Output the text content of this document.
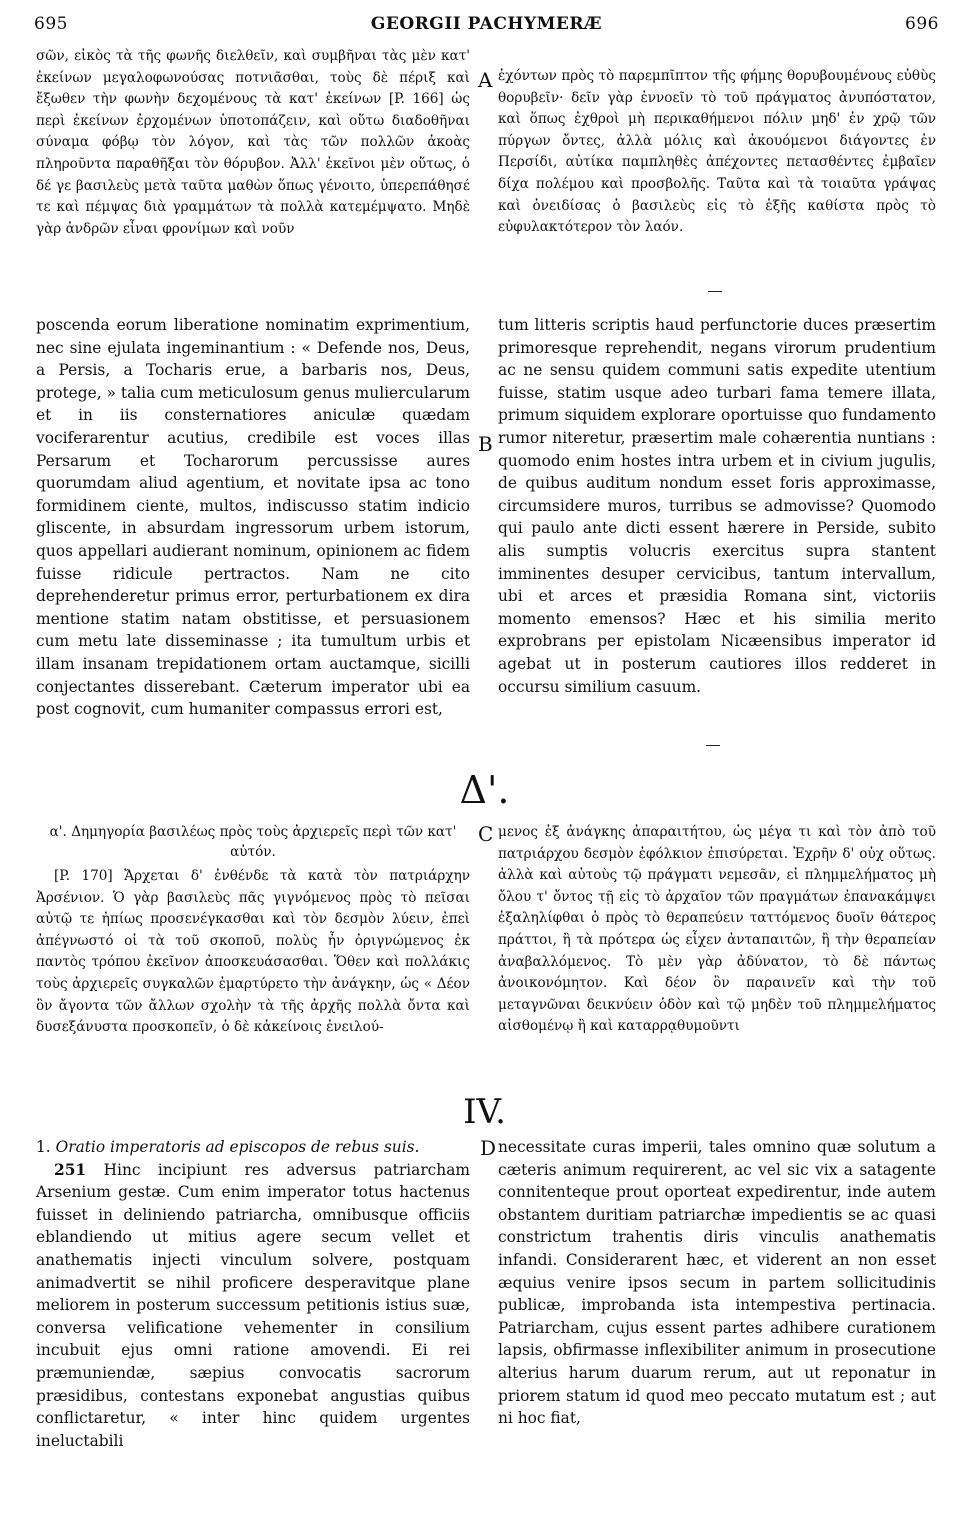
695	GEORGII PACHYMERÆ	696

σῶν, εἰκὸς τὰ τῆς φωνῆς διελθεῖν, καὶ συμβῆναι τὰς μὲν κατ' ἐκείνων μεγαλοφωνούσας ποτνιᾶσθαι, τοὺς δὲ πέριξ καὶ ἔξωθεν τὴν φωνὴν δεχομένους τὰ κατ' ἐκείνων [P. 166] ὡς περὶ ἐκείνων ἐρχομένων ὑποτοπάζειν, καὶ οὕτω διαδοθῆναι σύναμα φόβῳ τὸν λόγον, καὶ τὰς τῶν πολλῶν ἀκοὰς πληροῦντα παραθῆξαι τὸν θόρυβον. Ἀλλ' ἐκεῖνοι μὲν οὕτως, ὁ δέ γε βασιλεὺς μετὰ ταῦτα μαθὼν ὅπως γένοιτο, ὑπερεπάθησέ τε καὶ πέμψας διὰ γραμμάτων τὰ πολλὰ κατεμέμψατο. Μηδὲ γὰρ ἀνδρῶν εἶναι φρονίμων καὶ νοῦν

A ἐχόντων πρὸς τὸ παρεμπῖπτον τῆς φήμης θορυβουμένους εὐθὺς θορυβεῖν· δεῖν γὰρ ἐννοεῖν τὸ τοῦ πράγματος ἀνυπόστατον, καὶ ὅπως ἐχθροὶ μὴ περικαθήμενοι πόλιν μηδ' ἐν χρῷ τῶν πύργων ὄντες, ἀλλὰ μόλις καὶ ἀκουόμενοι διάγοντες ἐν Περσίδι, αὐτίκα παμπληθὲς ἀπέχοντες πετασθέντες ἐμβαῖεν δίχα πολέμου καὶ προσβολῆς. Ταῦτα καὶ τὰ τοιαῦτα γράψας καὶ ὀνειδίσας ὁ βασιλεὺς εἰς τὸ ἑξῆς καθίστα πρὸς τὸ εὐφυλακτότερον τὸν λαόν.

poscenda eorum liberatione nominatim exprimentium, nec sine ejulata ingeminantium : « Defende nos, Deus, a Persis, a Tocharis erue, a barbaris nos, Deus, protege, » talia cum meticulosum genus muliercularum et in iis consternatiores aniculæ quædam vociferarentur acutius, credibile est voces illas Persarum et Tocharorum percussisse aures quorumdam aliud agentium, et novitate ipsa ac tono formidinem ciente, multos, indiscusso statim indicio gliscente, in absurdam ingressorum urbem istorum, quos appellari audierant nominum, opinionem ac fidem fuisse ridicule pertractos. Nam ne cito deprehenderetur primus error, perturbationem ex dira mentione statim natam obstitisse, et persuasionem cum metu late disseminasse ; ita tumultum urbis et illam insanam trepidationem ortam auctamque, sicilli conjectantes disserebant. Cæterum imperator ubi ea post cognovit, cum humaniter compassus errori est,

B

tum litteris scriptis haud perfunctorie duces præsertim primoresque reprehendit, negans virorum prudentium ac ne sensu quidem communi satis expedite utentium fuisse, statim usque adeo turbari fama temere illata, primum siquidem explorare oportuisse quo fundamento rumor niteretur, præsertim male cohærentia nuntians : quomodo enim hostes intra urbem et in civium jugulis, de quibus auditum nondum esset foris approximasse, circumsidere muros, turribus se admovisse? Quomodo qui paulo ante dicti essent hærere in Perside, subito alis sumptis volucris exercitus supra stantent imminentes desuper cervicibus, tantum intervallum, ubi et arces et præsidia Romana sint, victoriis momento emensos? Hæc et his similia merito exprobrans per epistolam Nicæensibus imperator id agebat ut in posterum cautiores illos redderet in occursu similium casuum.

Δ'.
α'. Δημηγορία βασιλέως πρὸς τοὺς ἀρχιερεῖς περὶ τῶν κατ' αὐτόν.

[P. 170] Ἄρχεται δ' ἐνθένδε τὰ κατὰ τὸν πατριάρχην Ἀρσένιον. Ὁ γὰρ βασιλεὺς πᾶς γιγνόμενος πρὸς τὸ πεῖσαι αὐτῷ τε ἠπίως προσενέγκασθαι καὶ τὸν δεσμὸν λύειν, ἐπεὶ ἀπέγνωστό οἱ τὰ τοῦ σκοποῦ, πολὺς ἦν ὀριγνώμενος ἐκ παντὸς τρόπου ἐκεῖνον ἀποσκευάσασθαι. Ὅθεν καὶ πολλάκις τοὺς ἀρχιερεῖς συγκαλῶν ἐμαρτύρετο τὴν ἀνάγκην, ὡς « Δέον ὂν ἄγοντα τῶν ἄλλων σχολὴν τὰ τῆς ἀρχῆς πολλὰ ὄντα καὶ δυσεξάνυστα προσκοπεῖν, ὁ δὲ κἀκείνοις ἐνειλού-

C μενος ἐξ ἀνάγκης ἀπαραιτήτου, ὡς μέγα τι καὶ τὸν ἀπὸ τοῦ πατριάρχου δεσμὸν ἐφόλκιον ἐπισύρεται. Ἐχρῆν δ' οὐχ οὕτως. ἀλλὰ καὶ αὐτοὺς τῷ πράγματι νεμεσᾶν, εἰ πλημμελήματος μὴ ὄλου τ' ὄντος τῇ εἰς τὸ ἀρχαῖον τῶν πραγμάτων ἐπανακάμψει ἐξαληλίφθαι ὁ πρὸς τὸ θεραπεύειν ταττόμενος δυοῖν θάτερος πράττοι, ἢ τὰ πρότερα ὡς εἶχεν ἀνταπαιτῶν, ἢ τὴν θεραπείαν ἀναβαλλόμενος. Τὸ μὲν γὰρ ἀδύνατον, τὸ δὲ πάντως ἀνοικονόμητον. Καὶ δέον ὂν παραινεῖν καὶ τὴν τοῦ μεταγνῶναι δεικνύειν ὁδὸν καὶ τῷ μηδὲν τοῦ πλημμελήματος αἰσθομένῳ ἢ καὶ καταρρᾳθυμοῦντι

IV.
1. Oratio imperatoris ad episcopos de rebus suis.

251 Hinc incipiunt res adversus patriarcham Arsenium gestæ. Cum enim imperator totus hactenus fuisset in deliniendo patriarcha, omnibusque officiis eblandiendo ut mitius agere secum vellet et anathematis injecti vinculum solvere, postquam animadvertit se nihil proficere desperavitque plane meliorem in posterum successum petitionis istius suæ, conversa velificatione vehementer in consilium incubuit ejus omni ratione amovendi. Ei rei præmuniendæ, sæpius convocatis sacrorum præsidibus, contestans exponebat angustias quibus conflictaretur, « inter hinc quidem urgentes ineluctabili

D necessitate curas imperii, tales omnino quæ solutum a cæteris animum requirerent, ac vel sic vix a satagente connitenteque prout oporteat expedirentur, inde autem obstantem duritiam patriarchæ impedientis se ac quasi constrictum trahentis diris vinculis anathematis infandi. Considerarent hæc, et viderent an non esset æquius venire ipsos secum in partem sollicitudinis publicæ, improbanda ista intempestiva pertinacia. Patriarcham, cujus essent partes adhibere curationem lapsis, obfirmasse inflexibiliter animum in prosecutione alterius harum duarum rerum, aut ut reponatur in priorem statum id quod meo peccato mutatum est ; aut ni hoc fiat,
